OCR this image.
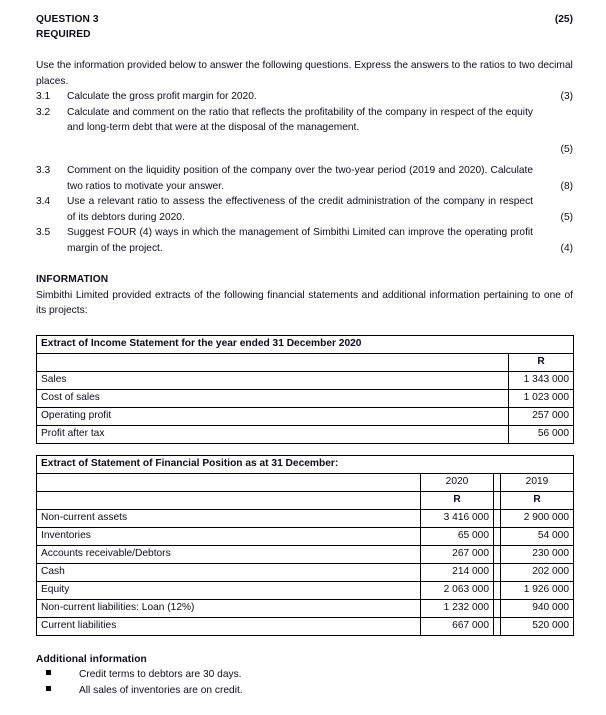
QUESTION 3	(25)
REQUIRED
Use the information provided below to answer the following questions. Express the answers to the ratios to two decimal places.
3.1	Calculate the gross profit margin for 2020.	(3)
3.2	Calculate and comment on the ratio that reflects the profitability of the company in respect of the equity and long-term debt that were at the disposal of the management.
(5)
3.3	Comment on the liquidity position of the company over the two-year period (2019 and 2020). Calculate two ratios to motivate your answer.	(8)
3.4	Use a relevant ratio to assess the effectiveness of the credit administration of the company in respect of its debtors during 2020.	(5)
3.5	Suggest FOUR (4) ways in which the management of Simbithi Limited can improve the operating profit margin of the project.	(4)
INFORMATION
Simbithi Limited provided extracts of the following financial statements and additional information pertaining to one of its projects:
Extract of Income Statement for the year ended 31 December 2020	
	R
Sales	1 343 000
Cost of sales	1 023 000
Operating profit	257 000
Profit after tax	56 000
Extract of Statement of Financial Position as at 31 December:			
	2020		2019
	R		R
Non-current assets	3 416 000		2 900 000
Inventories	65 000		54 000
Accounts receivable/Debtors	267 000		230 000
Cash	214 000		202 000
Equity	2 063 000		1 926 000
Non-current liabilities: Loan (12%)	1 232 000		940 000
Current liabilities	667 000		520 000
Additional information
Credit terms to debtors are 30 days.
All sales of inventories are on credit.
